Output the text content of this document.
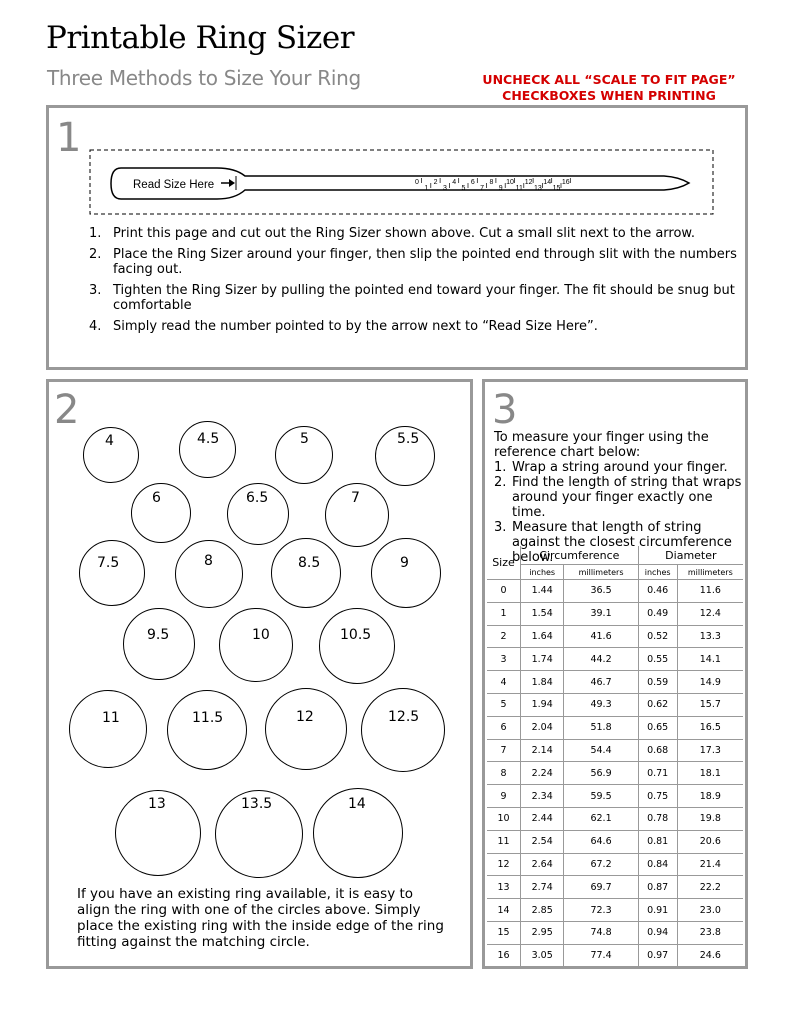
Printable Ring Sizer
Three Methods to Size Your Ring	UNCHECK ALL “SCALE TO FIT PAGE”
CHECKBOXES WHEN PRINTING
1
Read Size Here	0 2 4 6 8 10 12 14 16
1 3 5 7 9 11 13 15
1. Print this page and cut out the Ring Sizer shown above. Cut a small slit next to the arrow.
2. Place the Ring Sizer around your finger, then slip the pointed end through slit with the numbers facing out.
3. Tighten the Ring Sizer by pulling the pointed end toward your finger. The fit should be snug but comfortable
4. Simply read the number pointed to by the arrow next to “Read Size Here”.
2
4	4.5	5	5.5
6	6.5	7
7.5	8	8.5	9
9.5	10	10.5
11	11.5	12	12.5
13	13.5	14
If you have an existing ring available, it is easy to align the ring with one of the circles above. Simply place the existing ring with the inside edge of the ring fitting against the matching circle.
3
To measure your finger using the reference chart below:
1. Wrap a string around your finger.
2. Find the length of string that wraps around your finger exactly one time.
3. Measure that length of string against the closest circumference below.
Size	Circumference		Diameter	
	inches	millimeters	inches	millimeters
0	1.44	36.5	0.46	11.6
1	1.54	39.1	0.49	12.4
2	1.64	41.6	0.52	13.3
3	1.74	44.2	0.55	14.1
4	1.84	46.7	0.59	14.9
5	1.94	49.3	0.62	15.7
6	2.04	51.8	0.65	16.5
7	2.14	54.4	0.68	17.3
8	2.24	56.9	0.71	18.1
9	2.34	59.5	0.75	18.9
10	2.44	62.1	0.78	19.8
11	2.54	64.6	0.81	20.6
12	2.64	67.2	0.84	21.4
13	2.74	69.7	0.87	22.2
14	2.85	72.3	0.91	23.0
15	2.95	74.8	0.94	23.8
16	3.05	77.4	0.97	24.6
